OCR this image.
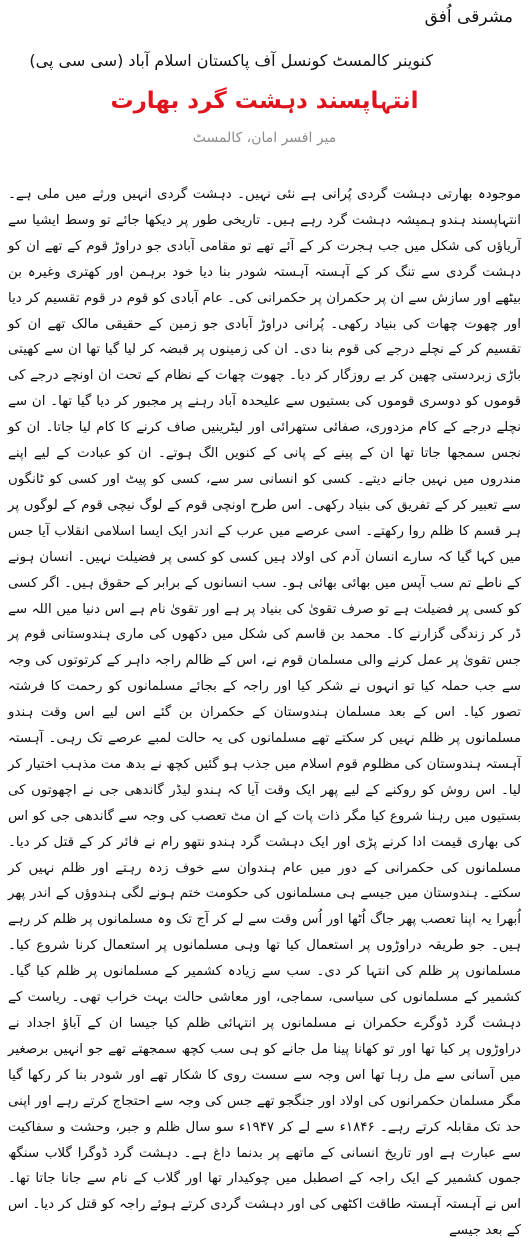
مشرقی اُفق
کنوینر کالمسٹ کونسل آف پاکستان اسلام آباد (سی سی پی)
انتہاپسند دہشت گرد بھارت
میر افسر امان، کالمسٹ

موجودہ بھارتی دہشت گردی پُرانی ہے نئی نہیں۔ دہشت گردی انہیں ورثے میں ملی ہے۔ انتہاپسند ہندو ہمیشہ دہشت گرد رہے ہیں۔ تاریخی طور پر دیکھا جائے تو وسط ایشیا سے آریاؤں کی شکل میں جب ہجرت کر کے آئے تھے تو مقامی آبادی جو دراوڑ قوم کے تھے ان کو دہشت گردی سے تنگ کر کے آہستہ آہستہ شودر بنا دیا خود برہمن اور کھتری وغیرہ بن بیٹھے اور سازش سے ان پر حکمران پر حکمرانی کی۔ عام آبادی کو قوم در قوم تقسیم کر دیا اور چھوت چھات کی بنیاد رکھی۔ پُرانی دراوڑ آبادی جو زمین کے حقیقی مالک تھے ان کو تقسیم کر کے نچلے درجے کی قوم بنا دی۔ ان کی زمینوں پر قبضہ کر لیا گیا تھا ان سے کھیتی باڑی زبردستی چھین کر بے روزگار کر دیا۔ چھوت چھات کے نظام کے تحت ان اونچے درجے کی قوموں کو دوسری قوموں کی بستیوں سے علیحدہ آباد رہنے پر مجبور کر دیا گیا تھا۔ ان سے نچلے درجے کے کام مزدوری، صفائی ستھرائی اور لیٹرینیں صاف کرنے کا کام لیا جاتا۔ ان کو نجس سمجھا جاتا تھا ان کے پینے کے پانی کے کنویں الگ ہوتے۔ ان کو عبادت کے لیے اپنے مندروں میں نہیں جانے دیتے۔ کسی کو انسانی سر سے، کسی کو پیٹ اور کسی کو ٹانگوں سے تعبیر کر کے تفریق کی بنیاد رکھی۔ اس طرح اونچی قوم کے لوگ نیچی قوم کے لوگوں پر ہر قسم کا ظلم روا رکھتے۔ اسی عرصے میں عرب کے اندر ایک ایسا اسلامی انقلاب آیا جس میں کہا گیا کہ سارے انسان آدم کی اولاد ہیں کسی کو کسی پر فضیلت نہیں۔ انسان ہونے کے ناطے تم سب آپس میں بھائی بھائی ہو۔ سب انسانوں کے برابر کے حقوق ہیں۔ اگر کسی کو کسی پر فضیلت ہے تو صرف تقویٰ کی بنیاد پر ہے اور تقویٰ نام ہے اس دنیا میں اللہ سے ڈر کر زندگی گزارنے کا۔ محمد بن قاسم کی شکل میں دکھوں کی ماری ہندوستانی قوم پر جس تقویٰ پر عمل کرنے والی مسلمان قوم نے، اس کے ظالم راجہ داہر کے کرتوتوں کی وجہ سے جب حملہ کیا تو انہوں نے شکر کیا اور راجہ کے بجائے مسلمانوں کو رحمت کا فرشتہ تصور کیا۔ اس کے بعد مسلمان ہندوستان کے حکمران بن گئے اس لیے اس وقت ہندو مسلمانوں پر ظلم نہیں کر سکتے تھے مسلمانوں کی یہ حالت لمبے عرصے تک رہی۔ آہستہ آہستہ ہندوستان کی مظلوم قوم اسلام میں جذب ہو گئیں کچھ نے بدھ مت مذہب اختیار کر لیا۔ اس روش کو روکنے کے لیے پھر ایک وقت آیا کہ ہندو لیڈر گاندھی جی نے اچھوتوں کی بستیوں میں رہنا شروع کیا مگر ذات پات کے ان مٹ تعصب کی وجہ سے گاندھی جی کو اس کی بھاری قیمت ادا کرنے پڑی اور ایک دہشت گرد ہندو نتھو رام نے فائر کر کے قتل کر دیا۔ مسلمانوں کی حکمرانی کے دور میں عام ہندوان سے خوف زدہ رہتے اور ظلم نہیں کر سکتے۔ ہندوستان میں جیسے ہی مسلمانوں کی حکومت ختم ہونے لگی ہندوؤں کے اندر پھر اُبھرا یہ اپنا تعصب پھر جاگ اُٹھا اور اُس وقت سے لے کر آج تک وہ مسلمانوں پر ظلم کر رہے ہیں۔ جو طریقہ دراوڑوں پر استعمال کیا تھا وہی مسلمانوں پر استعمال کرنا شروع کیا۔ مسلمانوں پر ظلم کی انتہا کر دی۔ سب سے زیادہ کشمیر کے مسلمانوں پر ظلم کیا گیا۔ کشمیر کے مسلمانوں کی سیاسی، سماجی، اور معاشی حالت بہت خراب تھی۔ ریاست کے دہشت گرد ڈوگرے حکمران نے مسلمانوں پر انتہائی ظلم کیا جیسا ان کے آباؤ اجداد نے دراوڑوں پر کیا تھا اور تو کھانا پینا مل جانے کو ہی سب کچھ سمجھتے تھے جو انہیں برصغیر میں آسانی سے مل رہا تھا اس وجہ سے سست روی کا شکار تھے اور شودر بنا کر رکھا گیا مگر مسلمان حکمرانوں کی اولاد اور جنگجو تھے جس کی وجہ سے احتجاج کرتے رہے اور اپنی حد تک مقابلہ کرتے رہے۔ ۱۸۴۶ء سے لے کر ۱۹۴۷ء سو سال ظلم و جبر، وحشت و سفاکیت سے عبارت ہے اور تاریخ انسانی کے ماتھے پر بدنما داغ ہے۔ دہشت گرد ڈوگرا گلاب سنگھ جموں کشمیر کے ایک راجہ کے اصطبل میں چوکیدار تھا اور گلاب کے نام سے جانا جاتا تھا۔ اس نے آہستہ آہستہ طاقت اکٹھی کی اور دہشت گردی کرتے ہوئے راجہ کو قتل کر دیا۔ اس کے بعد جیسے
